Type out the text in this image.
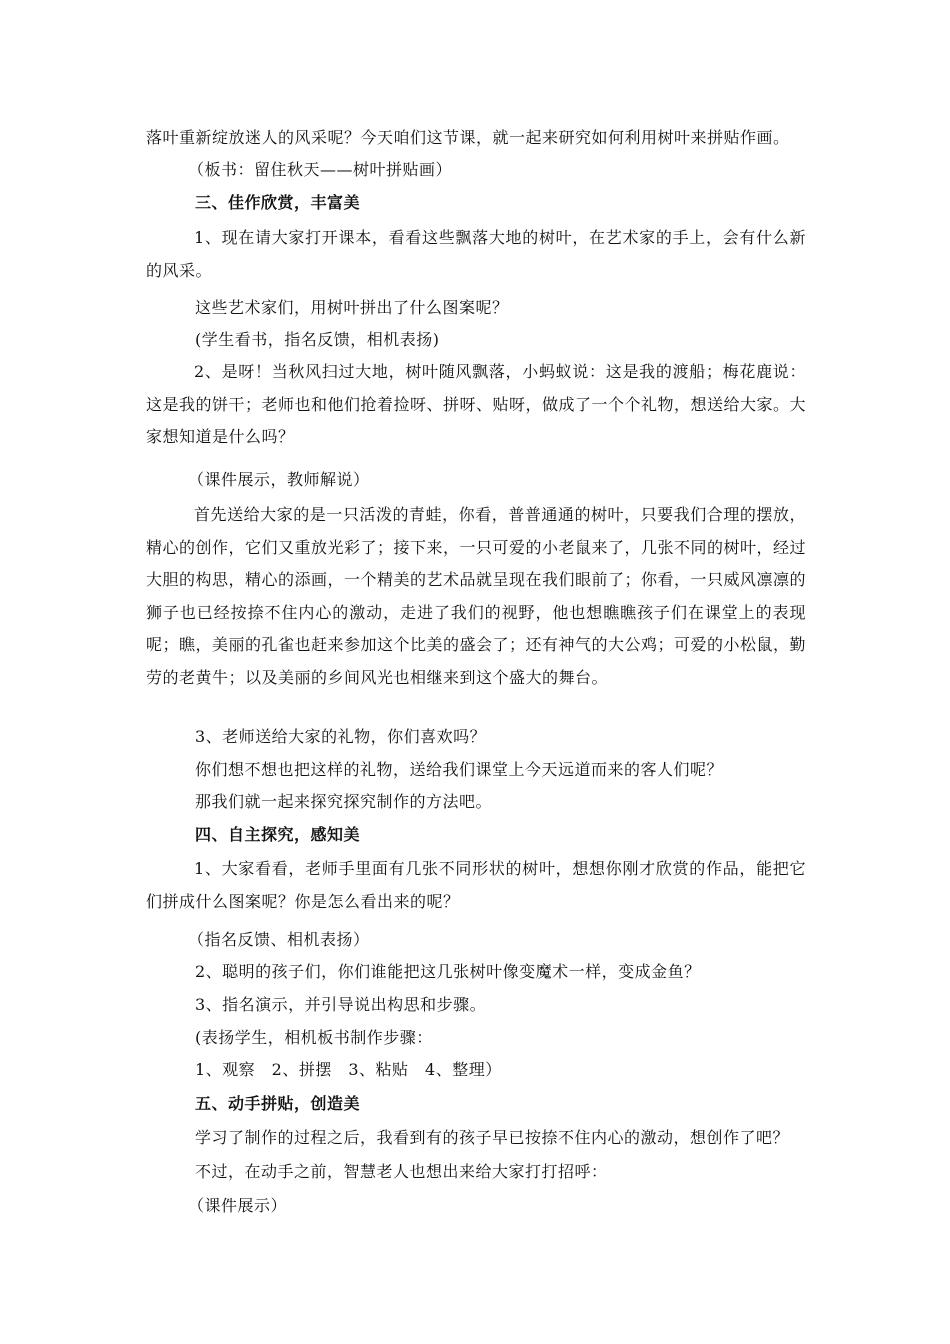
落叶重新绽放迷人的风采呢？今天咱们这节课，就一起来研究如何利用树叶来拼贴作画。
（板书：留住秋天——树叶拼贴画）
三、佳作欣赏，丰富美
1、现在请大家打开课本，看看这些飘落大地的树叶，在艺术家的手上，会有什么新的风采。
这些艺术家们，用树叶拼出了什么图案呢？
(学生看书，指名反馈，相机表扬)
2、是呀！当秋风扫过大地，树叶随风飘落，小蚂蚁说：这是我的渡船；梅花鹿说：这是我的饼干；老师也和他们抢着捡呀、拼呀、贴呀，做成了一个个礼物，想送给大家。大家想知道是什么吗？
（课件展示，教师解说）
首先送给大家的是一只活泼的青蛙，你看，普普通通的树叶，只要我们合理的摆放，精心的创作，它们又重放光彩了；接下来，一只可爱的小老鼠来了，几张不同的树叶，经过大胆的构思，精心的添画，一个精美的艺术品就呈现在我们眼前了；你看，一只威风凛凛的狮子也已经按捺不住内心的激动，走进了我们的视野，他也想瞧瞧孩子们在课堂上的表现呢；瞧，美丽的孔雀也赶来参加这个比美的盛会了；还有神气的大公鸡；可爱的小松鼠，勤劳的老黄牛；以及美丽的乡间风光也相继来到这个盛大的舞台。
3、老师送给大家的礼物，你们喜欢吗？
你们想不想也把这样的礼物，送给我们课堂上今天远道而来的客人们呢？
那我们就一起来探究探究制作的方法吧。
四、自主探究，感知美
1、大家看看，老师手里面有几张不同形状的树叶，想想你刚才欣赏的作品，能把它们拼成什么图案呢？你是怎么看出来的呢？
（指名反馈、相机表扬）
2、聪明的孩子们，你们谁能把这几张树叶像变魔术一样，变成金鱼？
3、指名演示，并引导说出构思和步骤。
(表扬学生，相机板书制作步骤：
1、观察　2、拼摆　3、粘贴　4、整理）
五、动手拼贴，创造美
学习了制作的过程之后，我看到有的孩子早已按捺不住内心的激动，想创作了吧？
不过，在动手之前，智慧老人也想出来给大家打打招呼：
（课件展示）
